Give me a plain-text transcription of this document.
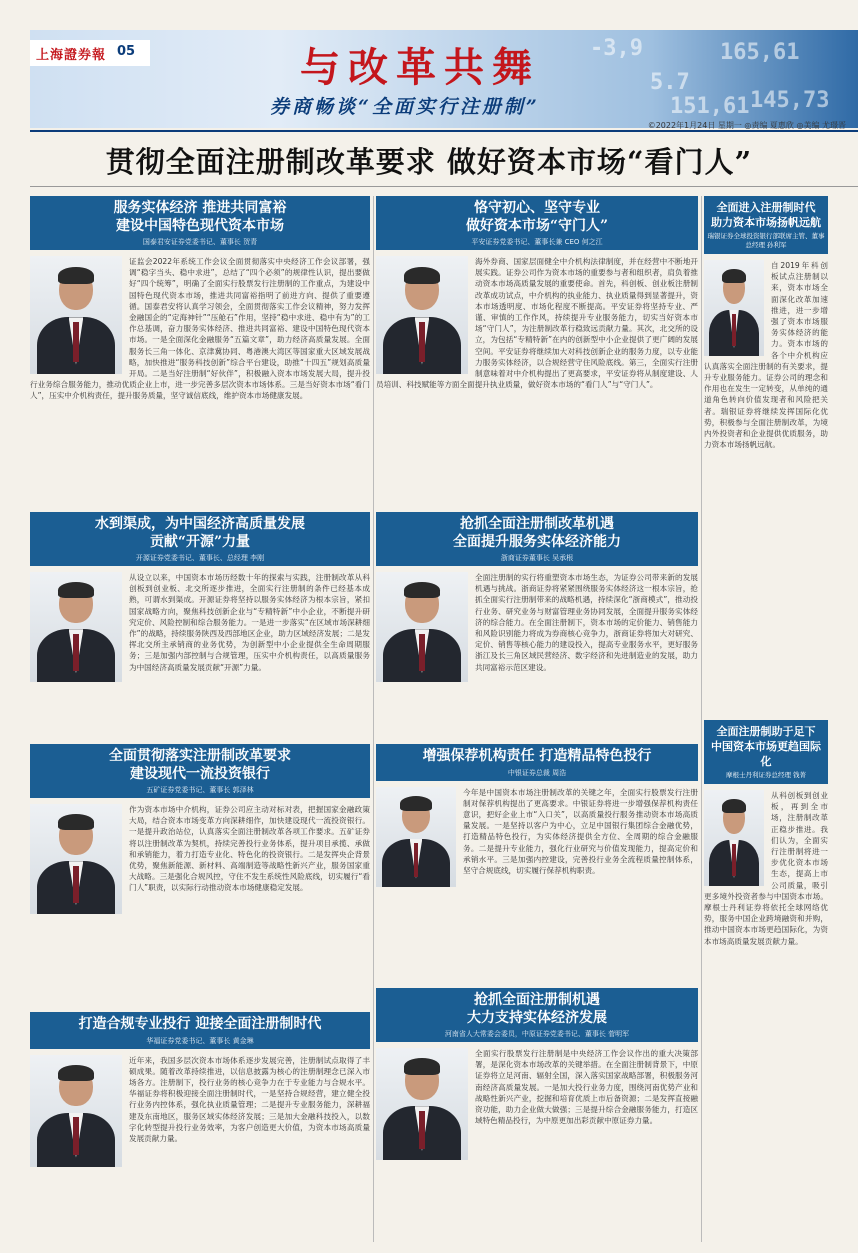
-3,9
5.7
165,61
145,73
151,61
上海證券報 05	与改革共舞
券商畅谈“全面实行注册制”
©2022年1月24日 星期一 ◎责编 夏惠欣 ◎美编 尤璟晋
贯彻全面注册制改革要求 做好资本市场“看门人”
服务实体经济 推进共同富裕
建设中国特色现代资本市场
国泰君安证券党委书记、董事长 贺青
证监会2022年系统工作会议全面贯彻落实中央经济工作会议部署，强调“稳字当头、稳中求进”，总结了“四个必须”的规律性认识，提出要做好“四个统筹”，明确了全面实行股票发行注册制的工作重点，为建设中国特色现代资本市场，推进共同富裕指明了前进方向、提供了重要遵循。国泰君安将认真学习领会，全面贯彻落实工作会议精神，努力发挥金融国企的“定海神针”“压舱石”作用，坚持“稳中求进、稳中有为”的工作总基调，奋力服务实体经济、推进共同富裕、建设中国特色现代资本市场。一是全面深化金融服务“五篇文章”，助力经济高质量发展。全面服务长三角一体化、京津冀协同、粤港澳大湾区等国家重大区域发展战略，加快推进“服务科技创新”综合平台建设，助推“十四五”规划高质量开局。二是当好注册制“好伙伴”，积极融入资本市场发展大局，提升投行业务综合服务能力，推动优质企业上市，进一步完善多层次资本市场体系。三是当好资本市场“看门人”，压实中介机构责任，提升服务质量，坚守诚信底线，维护资本市场健康发展。
恪守初心、坚守专业
做好资本市场“守门人”
平安证券党委书记、董事长兼 CEO 何之江
海外券商、国家层面健全中介机构法律制度，并在经营中不断地开展实践。证券公司作为资本市场的重要参与者和组织者，肩负着推动资本市场高质量发展的重要使命。首先，科创板、创业板注册制改革成功试点，中介机构的执业能力、执业质量得到显著提升，资本市场透明度、市场化程度不断提高。平安证券将坚持专业、严谨、审慎的工作作风，持续提升专业服务能力，切实当好资本市场“守门人”，为注册制改革行稳致远贡献力量。其次，北交所的设立，为包括“专精特新”在内的创新型中小企业提供了更广阔的发展空间。平安证券将继续加大对科技创新企业的服务力度，以专业能力服务实体经济，以合规经营守住风险底线。第三，全面实行注册制意味着对中介机构提出了更高要求，平安证券将从制度建设、人员培训、科技赋能等方面全面提升执业质量，做好资本市场的“看门人”与“守门人”。
全面进入注册制时代
助力资本市场扬帆远航
瑞银证券全球投资银行部联席主管、董事总经理 孙利军
自2019年科创板试点注册制以来，资本市场全面深化改革加速推进，进一步增强了资本市场服务实体经济的能力。资本市场的各个中介机构应认真落实全面注册制的有关要求，提升专业服务能力。证券公司的理念和作用也在发生一定转变，从单纯的通道角色转向价值发现者和风险把关者。瑞银证券将继续发挥国际化优势，积极参与全面注册制改革，为境内外投资者和企业提供优质服务，助力资本市场扬帆远航。
水到渠成，为中国经济高质量发展
贡献“开源”力量
开源证券党委书记、董事长、总经理 李刚
从设立以来，中国资本市场历经数十年的探索与实践，注册制改革从科创板到创业板、北交所逐步推进，全面实行注册制的条件已经基本成熟，可谓水到渠成。开源证券将坚持以服务实体经济为根本宗旨，紧扣国家战略方向，聚焦科技创新企业与“专精特新”中小企业，不断提升研究定价、风险控制和综合服务能力。一是进一步落实“在区域市场深耕细作”的战略，持续服务陕西及西部地区企业，助力区域经济发展；二是发挥北交所主承销商的业务优势，为创新型中小企业提供全生命周期服务；三是加强内部控制与合规管理，压实中介机构责任，以高质量服务为中国经济高质量发展贡献“开源”力量。
抢抓全面注册制改革机遇
全面提升服务实体经济能力
浙商证券董事长 吴承根
全面注册制的实行将重塑资本市场生态，为证券公司带来新的发展机遇与挑战。浙商证券将紧紧围绕服务实体经济这一根本宗旨，抢抓全面实行注册制带来的战略机遇，持续深化“浙商模式”，推动投行业务、研究业务与财富管理业务协同发展，全面提升服务实体经济的综合能力。在全面注册制下，资本市场的定价能力、销售能力和风险识别能力将成为券商核心竞争力，浙商证券将加大对研究、定价、销售等核心能力的建设投入，提高专业服务水平，更好服务浙江及长三角区域民营经济、数字经济和先进制造业的发展，助力共同富裕示范区建设。
全面注册制助于足下
中国资本市场更趋国际化
摩根士丹利证券总经理 钱菁
从科创板到创业板，再到全市场，注册制改革正稳步推进。我们认为，全面实行注册制将进一步优化资本市场生态，提高上市公司质量，吸引更多境外投资者参与中国资本市场。摩根士丹利证券将依托全球网络优势，服务中国企业跨境融资和并购，推动中国资本市场更趋国际化，为资本市场高质量发展贡献力量。
全面贯彻落实注册制改革要求
建设现代一流投资银行
五矿证券党委书记、董事长 郭泽林
作为资本市场中介机构，证券公司应主动对标对表，把握国家金融政策大局，结合资本市场变革方向深耕细作，加快建设现代一流投资银行。一是提升政治站位，认真落实全面注册制改革各项工作要求。五矿证券将以注册制改革为契机，持续完善投行业务体系，提升项目承揽、承做和承销能力，着力打造专业化、特色化的投资银行。二是发挥央企背景优势，聚焦新能源、新材料、高端制造等战略性新兴产业，服务国家重大战略。三是强化合规风控，守住不发生系统性风险底线，切实履行“看门人”职责，以实际行动推动资本市场健康稳定发展。
增强保荐机构责任 打造精品特色投行
中银证券总裁 周浩
今年是中国资本市场注册制改革的关键之年，全面实行股票发行注册制对保荐机构提出了更高要求。中银证券将进一步增强保荐机构责任意识，把好企业上市“入口关”，以高质量投行服务推动资本市场高质量发展。一是坚持以客户为中心，立足中国银行集团综合金融优势，打造精品特色投行，为实体经济提供全方位、全周期的综合金融服务。二是提升专业能力，强化行业研究与价值发现能力，提高定价和承销水平。三是加强内控建设，完善投行业务全流程质量控制体系，坚守合规底线，切实履行保荐机构职责。
打造合规专业投行 迎接全面注册制时代
华福证券党委书记、董事长 黄金琳
近年来，我国多层次资本市场体系逐步发展完善，注册制试点取得了丰硕成果。随着改革持续推进，以信息披露为核心的注册制理念已深入市场各方。注册制下，投行业务的核心竞争力在于专业能力与合规水平。华福证券将积极迎接全面注册制时代，一是坚持合规经营，建立健全投行业务内控体系，强化执业质量管理；二是提升专业服务能力，深耕福建及东南地区，服务区域实体经济发展；三是加大金融科技投入，以数字化转型提升投行业务效率，为客户创造更大价值，为资本市场高质量发展贡献力量。
抢抓全面注册制机遇
大力支持实体经济发展
河南省人大常委会委员，中原证券党委书记、董事长 菅明军
全面实行股票发行注册制是中央经济工作会议作出的重大决策部署，是深化资本市场改革的关键举措。在全面注册制背景下，中原证券将立足河南、辐射全国，深入落实国家战略部署，积极服务河南经济高质量发展。一是加大投行业务力度，围绕河南优势产业和战略性新兴产业，挖掘和培育优质上市后备资源；二是发挥直接融资功能，助力企业做大做强；三是提升综合金融服务能力，打造区域特色精品投行，为中原更加出彩贡献中原证券力量。
